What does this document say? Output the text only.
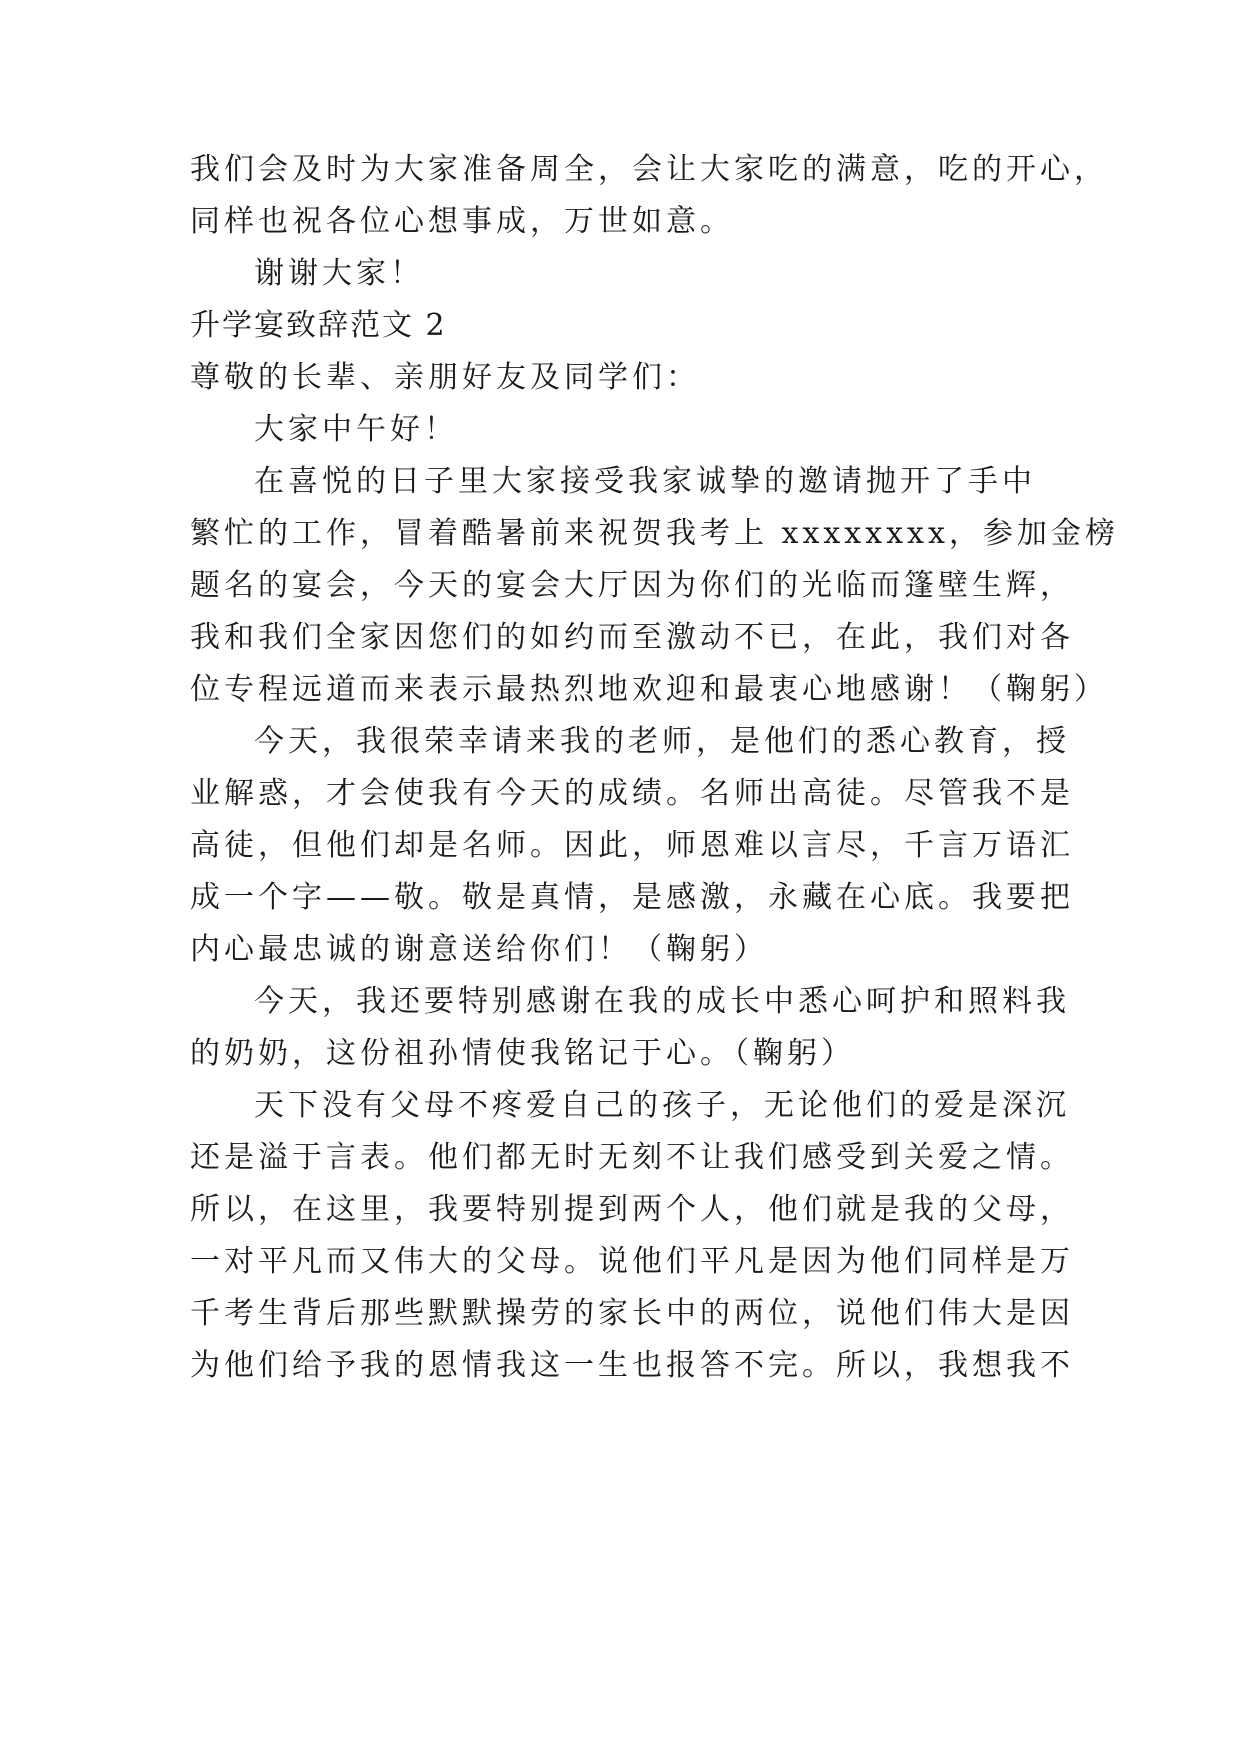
我们会及时为大家准备周全，会让大家吃的满意，吃的开心，
同样也祝各位心想事成，万世如意。
谢谢大家！
升学宴致辞范文 2
尊敬的长辈、亲朋好友及同学们：
大家中午好！
在喜悦的日子里大家接受我家诚挚的邀请抛开了手中
繁忙的工作，冒着酷暑前来祝贺我考上 xxxxxxxx，参加金榜
题名的宴会，今天的宴会大厅因为你们的光临而篷壁生辉，
我和我们全家因您们的如约而至激动不已，在此，我们对各
位专程远道而来表示最热烈地欢迎和最衷心地感谢！（鞠躬）
今天，我很荣幸请来我的老师，是他们的悉心教育，授
业解惑，才会使我有今天的成绩。名师出高徒。尽管我不是
高徒，但他们却是名师。因此，师恩难以言尽，千言万语汇
成一个字——敬。敬是真情，是感激，永藏在心底。我要把
内心最忠诚的谢意送给你们！（鞠躬）
今天，我还要特别感谢在我的成长中悉心呵护和照料我
的奶奶，这份祖孙情使我铭记于心。（鞠躬）
天下没有父母不疼爱自己的孩子，无论他们的爱是深沉
还是溢于言表。他们都无时无刻不让我们感受到关爱之情。
所以，在这里，我要特别提到两个人，他们就是我的父母，
一对平凡而又伟大的父母。说他们平凡是因为他们同样是万
千考生背后那些默默操劳的家长中的两位，说他们伟大是因
为他们给予我的恩情我这一生也报答不完。所以，我想我不
